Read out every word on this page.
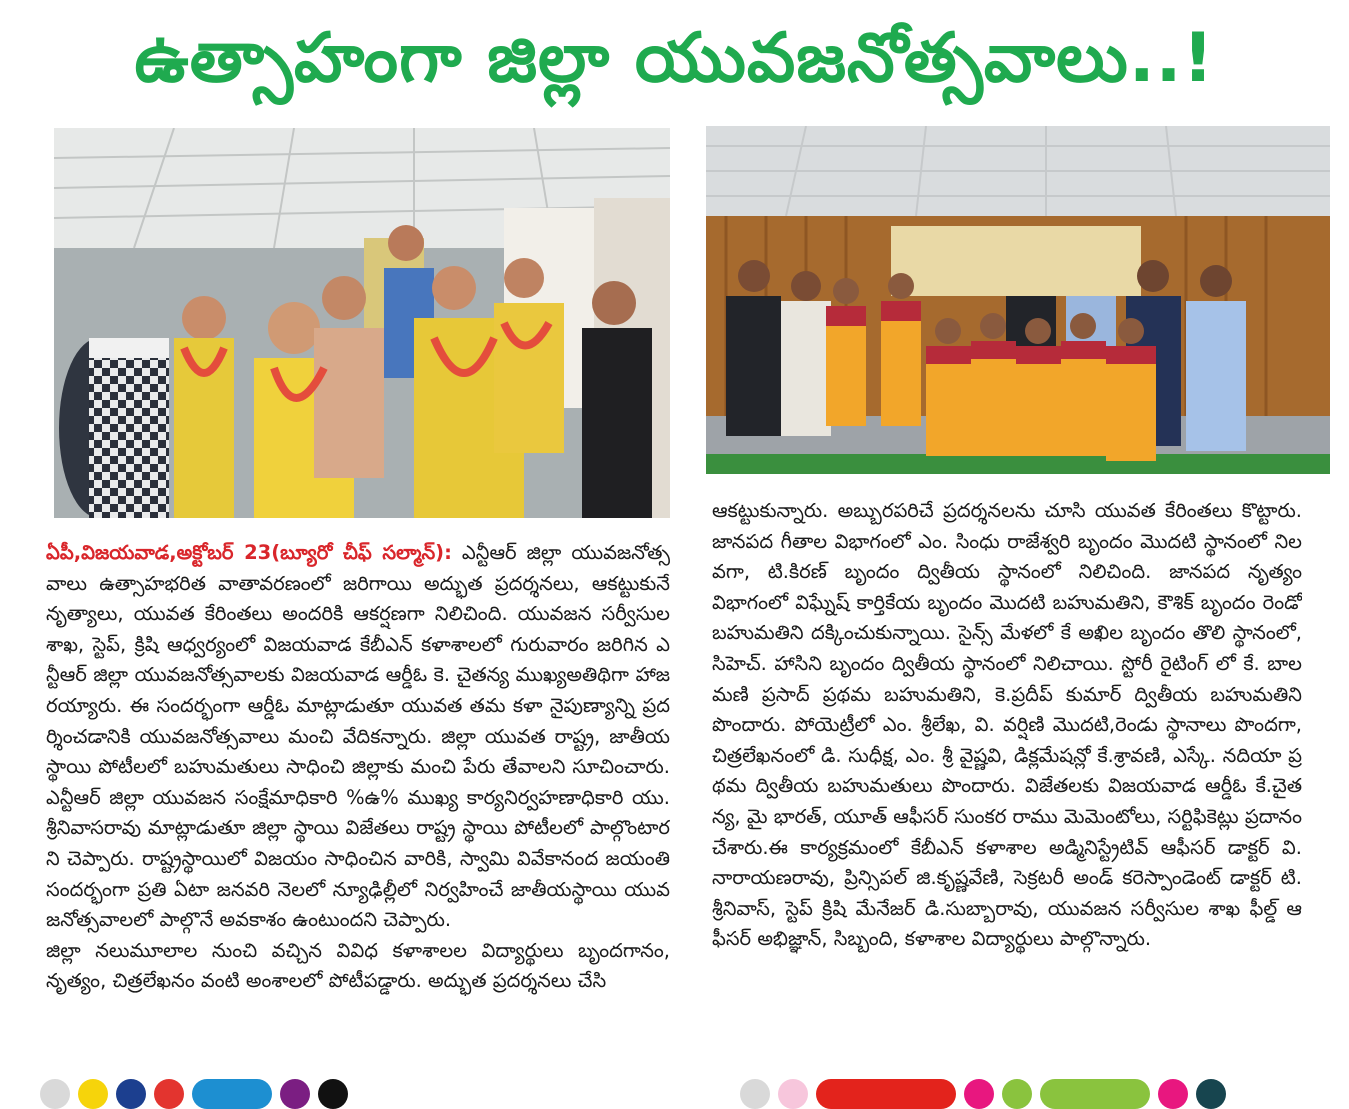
ఉత్సాహంగా జిల్లా యువజనోత్సవాలు..!

ఏపీ,విజయవాడ,అక్టోబర్ 23(బ్యూరో చీఫ్ సల్మాన్): ఎన్టీఆర్ జిల్లా యువజనోత్సవాలు ఉత్సాహభరిత వాతావరణంలో జరిగాయి అద్భుత ప్రదర్శనలు, ఆకట్టుకునే నృత్యాలు, యువత కేరింతలు అందరికి ఆకర్షణగా నిలిచింది. యువజన సర్వీసుల శాఖ, స్టెప్, క్రిషి ఆధ్వర్యంలో విజయవాడ కేబీఎన్ కళాశాలలో గురువారం జరిగిన ఎన్టీఆర్ జిల్లా యువజనోత్సవాలకు విజయవాడ ఆర్డీఓ కె. చైతన్య ముఖ్యఅతిథిగా హాజరయ్యారు. ఈ సందర్భంగా ఆర్డీఓ మాట్లాడుతూ యువత తమ కళా నైపుణ్యాన్ని ప్రదర్శించడానికి యువజనోత్సవాలు మంచి వేదికన్నారు. జిల్లా యువత రాష్ట్ర, జాతీయస్థాయి పోటీలలో బహుమతులు సాధించి జిల్లాకు మంచి పేరు తేవాలని సూచించారు.ఎన్టీఆర్ జిల్లా యువజన సంక్షేమాధికారి %ఉ% ముఖ్య కార్యనిర్వహణాధికారి యు. శ్రీనివాసరావు మాట్లాడుతూ జిల్లా స్థాయి విజేతలు రాష్ట్ర స్థాయి పోటీలలో పాల్గొంటారని చెప్పారు. రాష్ట్రస్థాయిలో విజయం సాధించిన వారికి, స్వామి వివేకానంద జయంతి సందర్భంగా ప్రతి ఏటా జనవరి నెలలో న్యూఢిల్లీలో నిర్వహించే జాతీయస్థాయి యువజనోత్సవాలలో పాల్గొనే అవకాశం ఉంటుందని చెప్పారు.

జిల్లా నలుమూలాల నుంచి వచ్చిన వివిధ కళాశాలల విద్యార్థులు బృందగానం, నృత్యం, చిత్రలేఖనం వంటి అంశాలలో పోటీపడ్డారు. అద్భుత ప్రదర్శనలు చేసి

ఆకట్టుకున్నారు. అబ్బురపరిచే ప్రదర్శనలను చూసి యువత కేరింతలు కొట్టారు.జానపద గీతాల విభాగంలో ఎం. సింధు రాజేశ్వరి బృందం మొదటి స్థానంలో నిలవగా, టి.కిరణ్ బృందం ద్వితీయ స్థానంలో నిలిచింది. జానపద నృత్యం విభాగంలో విఘ్నేష్ కార్తికేయ బృందం మొదటి బహుమతిని, కౌశిక్ బృందం రెండో బహుమతిని దక్కించుకున్నాయి. సైన్స్ మేళలో కే అఖిల బృందం తొలి స్థానంలో, సిహెచ్. హాసిని బృందం ద్వితీయ స్థానంలో నిలిచాయి. స్టోరీ రైటింగ్ లో కే. బాల మణి ప్రసాద్ ప్రథమ బహుమతిని, కె.ప్రదీప్ కుమార్ ద్వితీయ బహుమతిని పొందారు. పోయెట్రీలో ఎం. శ్రీలేఖ, వి. వర్షిణి మొదటి,రెండు స్థానాలు పొందగా, చిత్రలేఖనంలో డి. సుధీక్ష, ఎం. శ్రీ వైష్ణవి, డిక్లమేషన్లో కే.శ్రావణి, ఎస్కే. నదియా ప్రథమ ద్వితీయ బహుమతులు పొందారు. విజేతలకు విజయవాడ ఆర్డీఓ కే.చైతన్య, మై భారత్, యూత్ ఆఫీసర్ సుంకర రాము మెమెంటోలు, సర్టిఫికెట్లు ప్రదానం చేశారు.ఈ కార్యక్రమంలో కేబీఎన్ కళాశాల అడ్మినిస్ట్రేటివ్ ఆఫీసర్ డాక్టర్ వి.నారాయణరావు, ప్రిన్సిపల్ జి.కృష్ణవేణి, సెక్రటరీ అండ్ కరెస్పాండెంట్ డాక్టర్ టి. శ్రీనివాస్, స్టెప్ క్రిషి మేనేజర్ డి.సుబ్బారావు, యువజన సర్వీసుల శాఖ ఫీల్డ్ ఆఫీసర్ అభిజ్ఞాన్, సిబ్బంది, కళాశాల విద్యార్థులు పాల్గొన్నారు.
